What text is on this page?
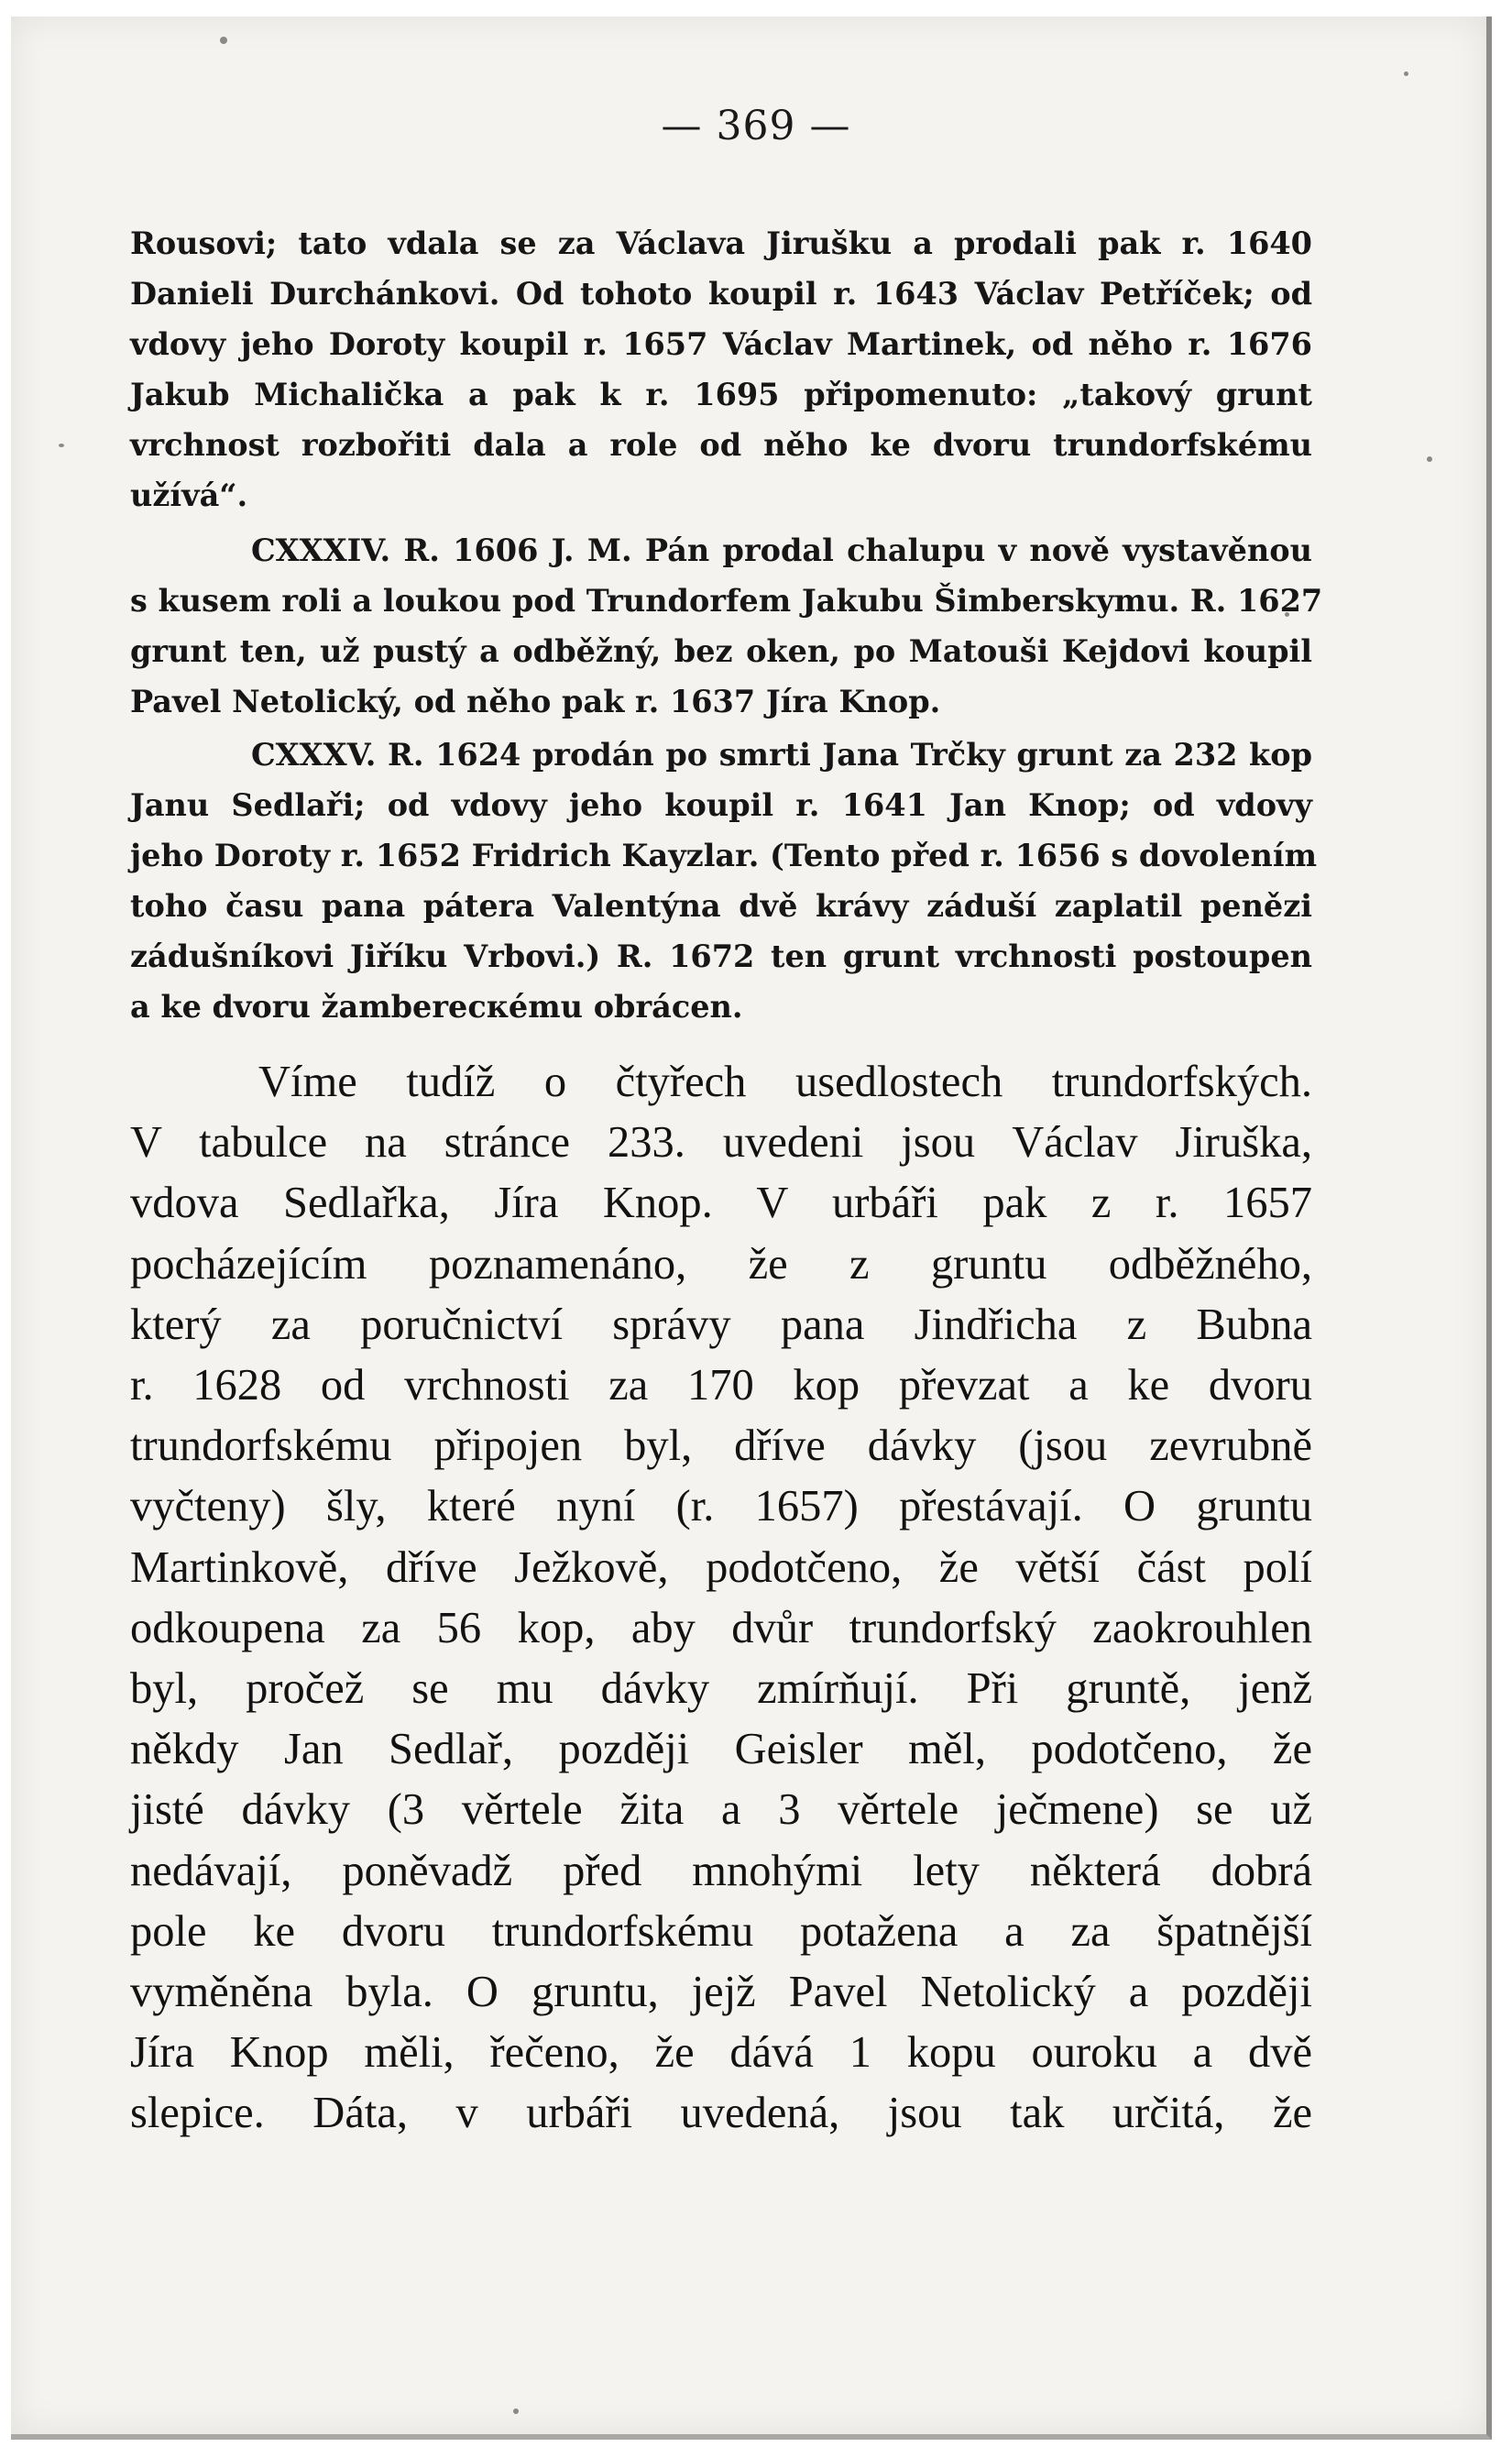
— 369 —
Rousovi; tato vdala se za Václava Jirušku a prodali pak r. 1640
Danieli Durchánkovi. Od tohoto koupil r. 1643 Václav Petříček; od
vdovy jeho Doroty koupil r. 1657 Václav Martinek, od něho r. 1676
Jakub Michalička a pak k r. 1695 připomenuto: „takový grunt
vrchnost rozbořiti dala a role od něho ke dvoru trundorfskému
užívá“.
CXXXIV. R. 1606 J. M. Pán prodal chalupu v nově vystavěnou
s kusem roli a loukou pod Trundorfem Jakubu Šimberskymu. R. 1627
grunt ten, už pustý a odběžný, bez oken, po Matouši Kejdovi koupil
Pavel Netolický, od něho pak r. 1637 Jíra Knop.
CXXXV. R. 1624 prodán po smrti Jana Trčky grunt za 232 kop
Janu Sedlaři; od vdovy jeho koupil r. 1641 Jan Knop; od vdovy
jeho Doroty r. 1652 Fridrich Kayzlar. (Tento před r. 1656 s dovolením
toho času pana pátera Valentýna dvě krávy záduší zaplatil penězi
zádušníkovi Jiříku Vrbovi.) R. 1672 ten grunt vrchnosti postoupen
a ke dvoru žamberecкému obrácen.
Víme tudíž o čtyřech usedlostech trundorfských.
V tabulce na stránce 233. uvedeni jsou Václav Jiruška,
vdova Sedlařka, Jíra Knop. V urbáři pak z r. 1657
pocházejícím poznamenáno, že z gruntu odběžného,
který za poručnictví správy pana Jindřicha z Bubna
r. 1628 od vrchnosti za 170 kop převzat a ke dvoru
trundorfskému připojen byl, dříve dávky (jsou zevrubně
vyčteny) šly, které nyní (r. 1657) přestávají. O gruntu
Martinkově, dříve Ježkově, podotčeno, že větší část polí
odkoupena za 56 kop, aby dvůr trundorfský zaokrouhlen
byl, pročež se mu dávky zmírňují. Při gruntě, jenž
někdy Jan Sedlař, později Geisler měl, podotčeno, že
jisté dávky (3 věrtele žita a 3 věrtele ječmene) se už
nedávají, poněvadž před mnohými lety některá dobrá
pole ke dvoru trundorfskému potažena a za špatnější
vyměněna byla. O gruntu, jejž Pavel Netolický a později
Jíra Knop měli, řečeno, že dává 1 kopu ouroku a dvě
slepice. Dáta, v urbáři uvedená, jsou tak určitá, že
